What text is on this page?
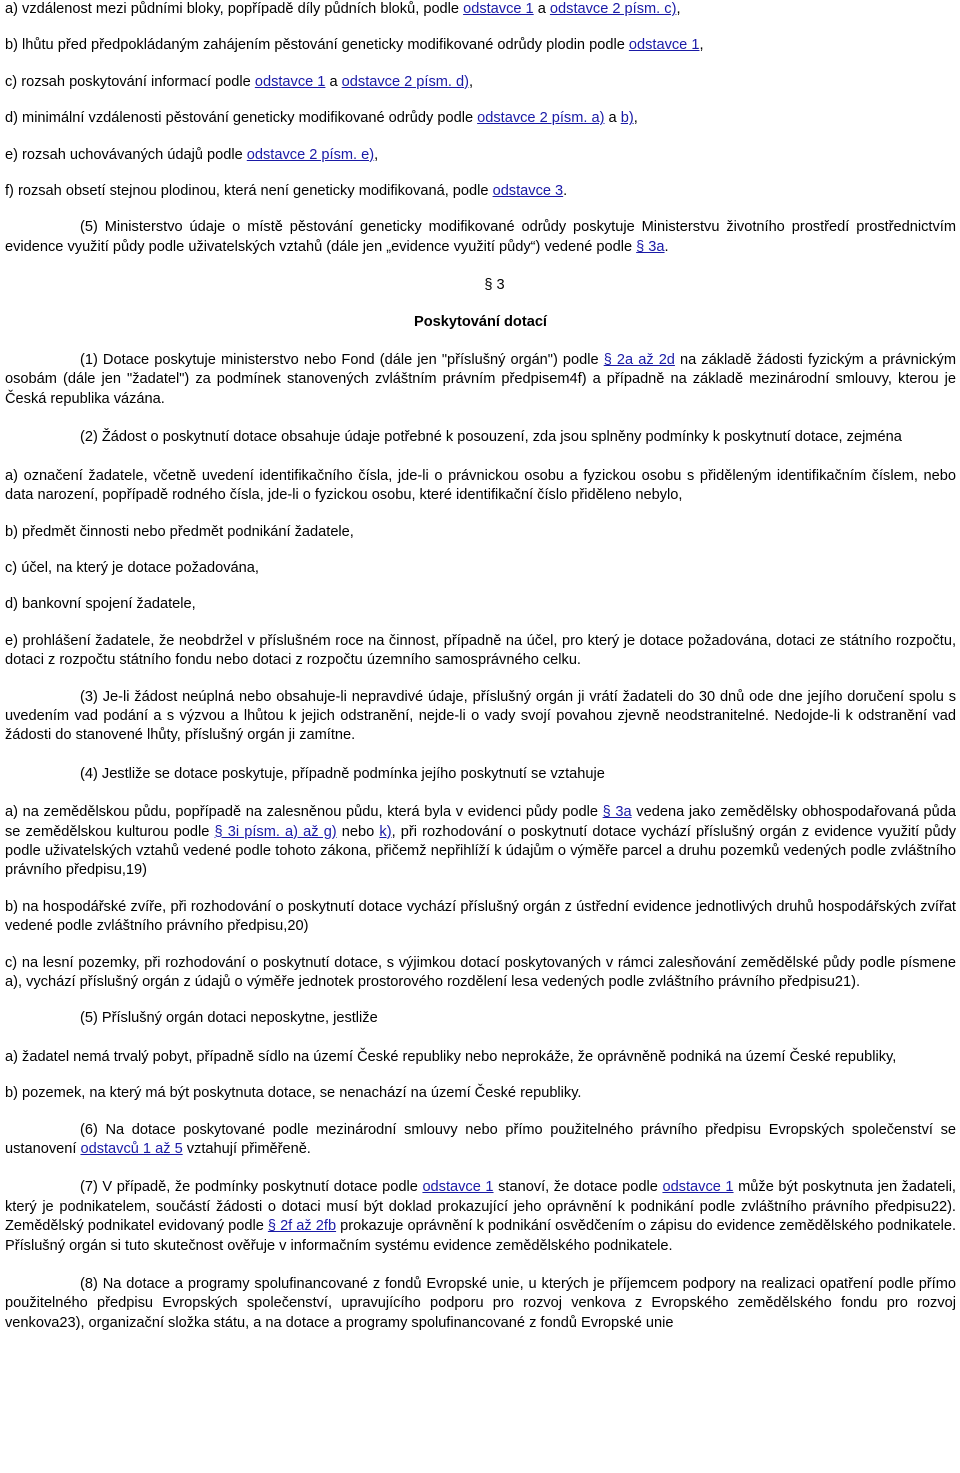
a) vzdálenost mezi půdními bloky, popřípadě díly půdních bloků, podle odstavce 1 a odstavce 2 písm. c),

b) lhůtu před předpokládaným zahájením pěstování geneticky modifikované odrůdy plodin podle odstavce 1,

c) rozsah poskytování informací podle odstavce 1 a odstavce 2 písm. d),

d) minimální vzdálenosti pěstování geneticky modifikované odrůdy podle odstavce 2 písm. a) a b),

e) rozsah uchovávaných údajů podle odstavce 2 písm. e),

f) rozsah obsetí stejnou plodinou, která není geneticky modifikovaná, podle odstavce 3.

(5) Ministerstvo údaje o místě pěstování geneticky modifikované odrůdy poskytuje Ministerstvu životního prostředí prostřednictvím evidence využití půdy podle uživatelských vztahů (dále jen „evidence využití půdy“) vedené podle § 3a.

§ 3

Poskytování dotací

(1) Dotace poskytuje ministerstvo nebo Fond (dále jen "příslušný orgán") podle § 2a až 2d na základě žádosti fyzickým a právnickým osobám (dále jen "žadatel") za podmínek stanovených zvláštním právním předpisem4f) a případně na základě mezinárodní smlouvy, kterou je Česká republika vázána.

(2) Žádost o poskytnutí dotace obsahuje údaje potřebné k posouzení, zda jsou splněny podmínky k poskytnutí dotace, zejména

a) označení žadatele, včetně uvedení identifikačního čísla, jde-li o právnickou osobu a fyzickou osobu s přiděleným identifikačním číslem, nebo data narození, popřípadě rodného čísla, jde-li o fyzickou osobu, které identifikační číslo přiděleno nebylo,

b) předmět činnosti nebo předmět podnikání žadatele,

c) účel, na který je dotace požadována,

d) bankovní spojení žadatele,

e) prohlášení žadatele, že neobdržel v příslušném roce na činnost, případně na účel, pro který je dotace požadována, dotaci ze státního rozpočtu, dotaci z rozpočtu státního fondu nebo dotaci z rozpočtu územního samosprávného celku.

(3) Je-li žádost neúplná nebo obsahuje-li nepravdivé údaje, příslušný orgán ji vrátí žadateli do 30 dnů ode dne jejího doručení spolu s uvedením vad podání a s výzvou a lhůtou k jejich odstranění, nejde-li o vady svojí povahou zjevně neodstranitelné. Nedojde-li k odstranění vad žádosti do stanovené lhůty, příslušný orgán ji zamítne.

(4) Jestliže se dotace poskytuje, případně podmínka jejího poskytnutí se vztahuje

a) na zemědělskou půdu, popřípadě na zalesněnou půdu, která byla v evidenci půdy podle § 3a vedena jako zemědělsky obhospodařovaná půda se zemědělskou kulturou podle § 3i písm. a) až g) nebo k), při rozhodování o poskytnutí dotace vychází příslušný orgán z evidence využití půdy podle uživatelských vztahů vedené podle tohoto zákona, přičemž nepřihlíží k údajům o výměře parcel a druhu pozemků vedených podle zvláštního právního předpisu,19)

b) na hospodářské zvíře, při rozhodování o poskytnutí dotace vychází příslušný orgán z ústřední evidence jednotlivých druhů hospodářských zvířat vedené podle zvláštního právního předpisu,20)

c) na lesní pozemky, při rozhodování o poskytnutí dotace, s výjimkou dotací poskytovaných v rámci zalesňování zemědělské půdy podle písmene a), vychází příslušný orgán z údajů o výměře jednotek prostorového rozdělení lesa vedených podle zvláštního právního předpisu21).

(5) Příslušný orgán dotaci neposkytne, jestliže

a) žadatel nemá trvalý pobyt, případně sídlo na území České republiky nebo neprokáže, že oprávněně podniká na území České republiky,

b) pozemek, na který má být poskytnuta dotace, se nenachází na území České republiky.

(6) Na dotace poskytované podle mezinárodní smlouvy nebo přímo použitelného právního předpisu Evropských společenství se ustanovení odstavců 1 až 5 vztahují přiměřeně.

(7) V případě, že podmínky poskytnutí dotace podle odstavce 1 stanoví, že dotace podle odstavce 1 může být poskytnuta jen žadateli, který je podnikatelem, součástí žádosti o dotaci musí být doklad prokazující jeho oprávnění k podnikání podle zvláštního právního předpisu22). Zemědělský podnikatel evidovaný podle § 2f až 2fb prokazuje oprávnění k podnikání osvědčením o zápisu do evidence zemědělského podnikatele. Příslušný orgán si tuto skutečnost ověřuje v informačním systému evidence zemědělského podnikatele.

(8) Na dotace a programy spolufinancované z fondů Evropské unie, u kterých je příjemcem podpory na realizaci opatření podle přímo použitelného předpisu Evropských společenství, upravujícího podporu pro rozvoj venkova z Evropského zemědělského fondu pro rozvoj venkova23), organizační složka státu, a na dotace a programy spolufinancované z fondů Evropské unie
